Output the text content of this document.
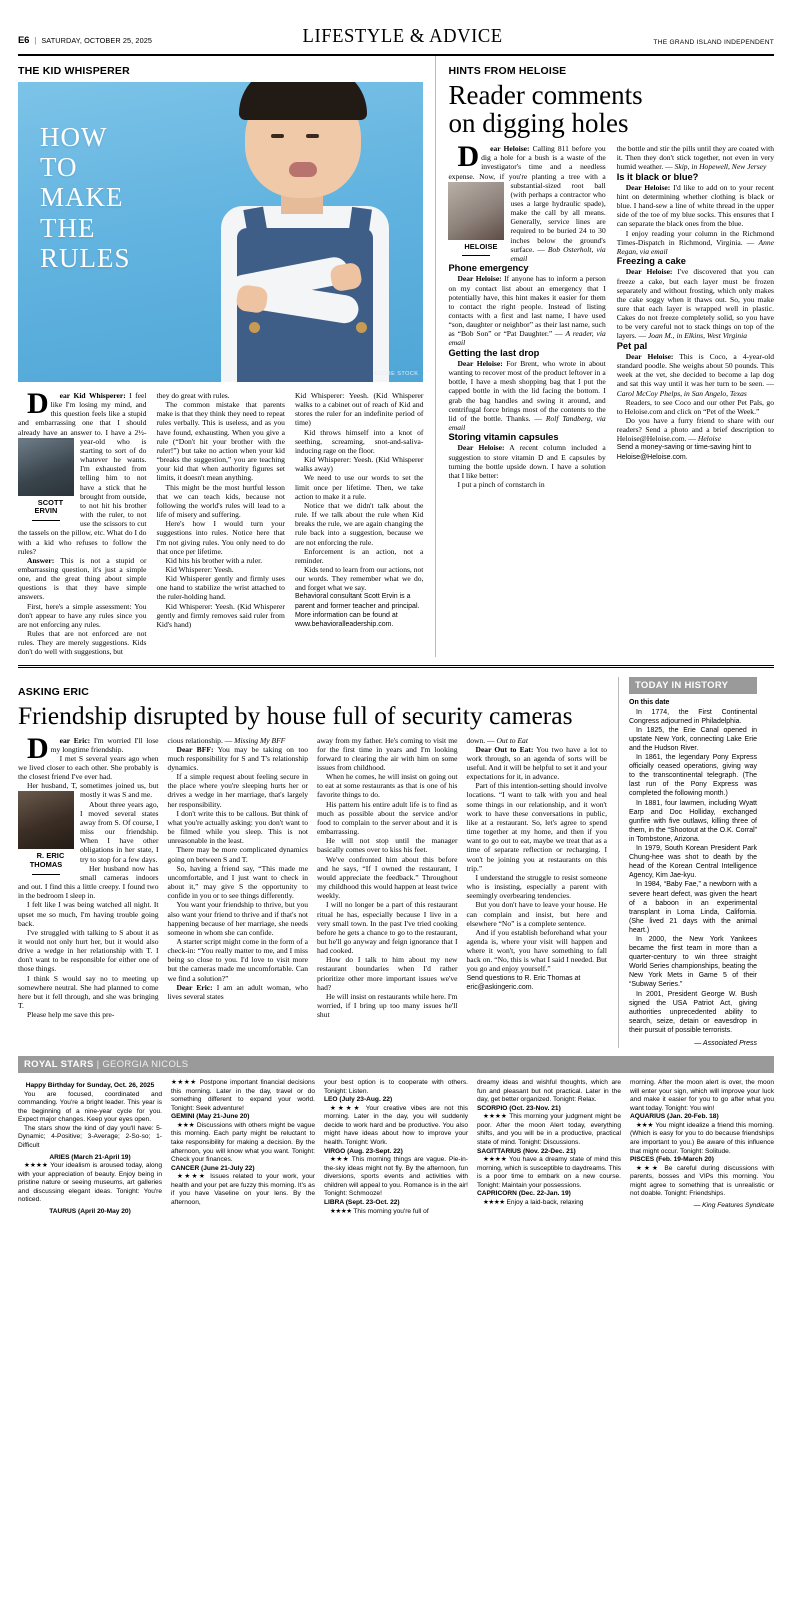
E6 | SATURDAY, OCTOBER 25, 2025	LIFESTYLE & ADVICE	THE GRAND ISLAND INDEPENDENT
THE KID WHISPERER
HOW
TO
MAKE
THE
RULES
ADOBE STOCK

Dear Kid Whisperer: I feel like I'm losing my mind, and this question feels like a stupid and embarrassing one that I should already have an answer to. I have a 2½
SCOTT
ERVIN
-year-old who is starting to sort of do whatever he wants. I'm exhausted from telling him to not have a stick that he brought from outside, to not hit his brother with the ruler, to not use the scissors to cut the tassels on the pillow, etc. What do I do with a kid who refuses to follow the rules?

Answer: This is not a stupid or embarrassing question, it's just a simple one, and the great thing about simple questions is that they have simple answers.

First, here's a simple assessment: You don't appear to have any rules since you are not enforcing any rules.

Rules that are not enforced are not rules. They are merely suggestions. Kids don't do well with suggestions, but

they do great with rules.

The common mistake that parents make is that they think they need to repeat rules verbally. This is useless, and as you have found, exhausting. When you give a rule (“Don't hit your brother with the ruler!”) but take no action when your kid “breaks the suggestion,” you are teaching your kid that when authority figures set limits, it doesn't mean anything.

This might be the most hurtful lesson that we can teach kids, because not following the world's rules will lead to a life of misery and suffering.

Here's how I would turn your suggestions into rules. Notice here that I'm not giving rules. You only need to do that once per lifetime.

Kid hits his brother with a ruler.

Kid Whisperer: Yeesh.

Kid Whisperer gently and firmly uses one hand to stabilize the wrist attached to the ruler-holding hand.

Kid Whisperer: Yeesh. (Kid Whisperer gently and firmly removes said ruler from Kid's hand)

Kid Whisperer: Yeesh. (Kid Whisperer walks to a cabinet out of reach of Kid and stores the ruler for an indefinite period of time)

Kid throws himself into a knot of seething, screaming, snot-and-saliva-inducing rage on the floor.

Kid Whisperer: Yeesh. (Kid Whisperer walks away)

We need to use our words to set the limit once per lifetime. Then, we take action to make it a rule.

Notice that we didn't talk about the rule. If we talk about the rule when Kid breaks the rule, we are again changing the rule back into a suggestion, because we are not enforcing the rule.

Enforcement is an action, not a reminder.

Kids tend to learn from our actions, not our words. They remember what we do, and forget what we say.

Behavioral consultant Scott Ervin is a parent and former teacher and principal. More information can be found at www.behavioralleadership.com.

HINTS FROM HELOISE
Reader comments
on digging holes

Dear Heloise: Calling 811 before you dig a hole for a bush is a waste of the investigator's time and a needless expense. Now, if you're planting a tree with a substantial-sized
HELOISE
root ball (with perhaps a contractor who uses a large hydraulic spade), make the call by all means. Generally, service lines are required to be buried 24 to 30 inches below the ground's surface. — Bob Osterholt, via email

Phone emergency

Dear Heloise: If anyone has to inform a person on my contact list about an emergency that I potentially have, this hint makes it easier for them to contact the right people. Instead of listing contacts with a first and last name, I have used “son, daughter or neighbor” as their last name, such as “Bob Son” or “Pat Daughter.” — A reader, via email

Getting the last drop

Dear Heloise: For Brent, who wrote in about wanting to recover most of the product leftover in a bottle, I have a mesh shopping bag that I put the capped bottle in with the lid facing the bottom. I grab the bag handles and swing it around, and centrifugal force brings most of the contents to the lid of the bottle. Thanks. — Rolf Tandberg, via email

Storing vitamin capsules

Dear Heloise: A recent column included a suggestion to store vitamin D and E capsules by turning the bottle upside down. I have a solution that I like better:

I put a pinch of cornstarch in

the bottle and stir the pills until they are coated with it. Then they don't stick together, not even in very humid weather. — Skip, in Hopewell, New Jersey

Is it black or blue?

Dear Heloise: I'd like to add on to your recent hint on determining whether clothing is black or blue. I hand-sew a line of white thread in the upper side of the toe of my blue socks. This ensures that I can separate the black ones from the blue.

I enjoy reading your column in the Richmond Times-Dispatch in Richmond, Virginia. — Anne Regan, via email

Freezing a cake

Dear Heloise: I've discovered that you can freeze a cake, but each layer must be frozen separately and without frosting, which only makes the cake soggy when it thaws out. So, you make sure that each layer is wrapped well in plastic. Cakes do not freeze completely solid, so you have to be very careful not to stack things on top of the layers. — Joan M., in Elkins, West Virginia

Pet pal

Dear Heloise: This is Coco, a 4-year-old standard poodle. She weighs about 50 pounds. This week at the vet, she decided to become a lap dog and sat this way until it was her turn to be seen. — Carol McCoy Phelps, in San Angelo, Texas

Readers, to see Coco and our other Pet Pals, go to Heloise.com and click on “Pet of the Week.”

Do you have a furry friend to share with our readers? Send a photo and a brief description to Heloise@Heloise.com. — Heloise

Send a money-saving or time-saving hint to Heloise@Heloise.com.

ASKING ERIC
Friendship disrupted by house full of security cameras

Dear Eric: I'm worried I'll lose my longtime friendship.

I met S several years ago when we lived closer to each other. She probably is the closest friend I've ever had.

Her husband, T, sometimes
R. ERIC
THOMAS
joined us, but mostly it was S and me.

About three years ago, I moved several states away from S. Of course, I miss our friendship. When I have other obligations in her state, I try to stop for a few days.

Her husband now has small cameras indoors and out. I find this a little creepy. I found two in the bedroom I sleep in.

I felt like I was being watched all night. It upset me so much, I'm having trouble going back.

I've struggled with talking to S about it as it would not only hurt her, but it would also drive a wedge in her relationship with T. I don't want to be responsible for either one of those things.

I think S would say no to meeting up somewhere neutral. She had planned to come here but it fell through, and she was bringing T.

Please help me save this pre-

cious relationship. — Missing My BFF

Dear BFF: You may be taking on too much responsibility for S and T's relationship dynamics.

If a simple request about feeling secure in the place where you're sleeping hurts her or drives a wedge in her marriage, that's largely her responsibility.

I don't write this to be callous. But think of what you're actually asking: you don't want to be filmed while you sleep. This is not unreasonable in the least.

There may be more complicated dynamics going on between S and T.

So, having a friend say, “This made me uncomfortable, and I just want to check in about it,” may give S the opportunity to confide in you or to see things differently.

You want your friendship to thrive, but you also want your friend to thrive and if that's not happening because of her marriage, she needs someone in whom she can confide.

A starter script might come in the form of a check-in: “You really matter to me, and I miss being so close to you. I'd love to visit more but the cameras made me uncomfortable. Can we find a solution?”

Dear Eric: I am an adult woman, who lives several states

away from my father. He's coming to visit me for the first time in years and I'm looking forward to clearing the air with him on some issues from childhood.

When he comes, he will insist on going out to eat at some restaurants as that is one of his favorite things to do.

His pattern his entire adult life is to find as much as possible about the service and/or food to complain to the server about and it is embarrassing.

He will not stop until the manager basically comes over to kiss his feet.

We've confronted him about this before and he says, “If I owned the restaurant, I would appreciate the feedback.” Throughout my childhood this would happen at least twice weekly.

I will no longer be a part of this restaurant ritual he has, especially because I live in a very small town. In the past I've tried cooking before he gets a chance to go to the restaurant, but he'll go anyway and feign ignorance that I had cooked.

How do I talk to him about my new restaurant boundaries when I'd rather prioritize other more important issues we've had?

He will insist on restaurants while here. I'm worried, if I bring up too many issues he'll shut

down. — Out to Eat

Dear Out to Eat: You two have a lot to work through, so an agenda of sorts will be useful. And it will be helpful to set it and your expectations for it, in advance.

Part of this intention-setting should involve locations. “I want to talk with you and heal some things in our relationship, and it won't work to have these conversations in public, like at a restaurant. So, let's agree to spend time together at my home, and then if you want to go out to eat, maybe we treat that as a time of separate reflection or recharging. I won't be joining you at restaurants on this trip.”

I understand the struggle to resist someone who is insisting, especially a parent with seemingly overbearing tendencies.

But you don't have to leave your house. He can complain and insist, but here and elsewhere “No” is a complete sentence.

And if you establish beforehand what your agenda is, where your visit will happen and where it won't, you have something to fall back on. “No, this is what I said I needed. But you go and enjoy yourself.”

Send questions to R. Eric Thomas at eric@askingeric.com.

TODAY IN HISTORY

On this date

In 1774, the First Continental Congress adjourned in Philadelphia.

In 1825, the Erie Canal opened in upstate New York, connecting Lake Erie and the Hudson River.

In 1861, the legendary Pony Express officially ceased operations, giving way to the transcontinental telegraph. (The last run of the Pony Express was completed the following month.)

In 1881, four lawmen, including Wyatt Earp and Doc Holliday, exchanged gunfire with five outlaws, killing three of them, in the “Shootout at the O.K. Corral” in Tombstone, Arizona.

In 1979, South Korean President Park Chung-hee was shot to death by the head of the Korean Central Intelligence Agency, Kim Jae-kyu.

In 1984, “Baby Fae,” a newborn with a severe heart defect, was given the heart of a baboon in an experimental transplant in Loma Linda, California. (She lived 21 days with the animal heart.)

In 2000, the New York Yankees became the first team in more than a quarter-century to win three straight World Series championships, beating the New York Mets in Game 5 of their “Subway Series.”

In 2001, President George W. Bush signed the USA Patriot Act, giving authorities unprecedented ability to search, seize, detain or eavesdrop in their pursuit of possible terrorists.

— Associated Press

ROYAL STARS | GEORGIA NICOLS

Happy Birthday for Sunday, Oct. 26, 2025

You are focused, coordinated and commanding. You're a bright leader. This year is the beginning of a nine-year cycle for you. Expect major changes. Keep your eyes open.

The stars show the kind of day you'll have: 5-Dynamic; 4-Positive; 3-Average; 2-So-so; 1-Difficult

ARIES (March 21-April 19)

★★★★ Your idealism is aroused today, along with your appreciation of beauty. Enjoy being in pristine nature or seeing museums, art galleries and discussing elegant ideas. Tonight: You're noticed.

TAURUS (April 20-May 20)

★★★★ Postpone important financial decisions this morning. Later in the day, travel or do something different to expand your world. Tonight: Seek adventure!

GEMINI (May 21-June 20)

★★★ Discussions with others might be vague this morning. Each party might be reluctant to take responsibility for making a decision. By the afternoon, you will know what you want. Tonight: Check your finances.

CANCER (June 21-July 22)

★★★★ Issues related to your work, your health and your pet are fuzzy this morning. It's as if you have Vaseline on your lens. By the afternoon,

your best option is to cooperate with others. Tonight: Listen.

LEO (July 23-Aug. 22)

★★★★ Your creative vibes are not this morning. Later in the day, you will suddenly decide to work hard and be productive. You also might have ideas about how to improve your health. Tonight: Work.

VIRGO (Aug. 23-Sept. 22)

★★★ This morning things are vague. Pie-in-the-sky ideas might not fly. By the afternoon, fun diversions, sports events and activities with children will appeal to you. Romance is in the air! Tonight: Schmooze!

LIBRA (Sept. 23-Oct. 22)

★★★★ This morning you're full of

dreamy ideas and wishful thoughts, which are fun and pleasant but not practical. Later in the day, get better organized. Tonight: Relax.

SCORPIO (Oct. 23-Nov. 21)

★★★★ This morning your judgment might be poor. After the moon Alert today, everything shifts, and you will be in a productive, practical state of mind. Tonight: Discussions.

SAGITTARIUS (Nov. 22-Dec. 21)

★★★★ You have a dreamy state of mind this morning, which is susceptible to daydreams. This is a poor time to embark on a new course. Tonight: Maintain your possessions.

CAPRICORN (Dec. 22-Jan. 19)

★★★★ Enjoy a laid-back, relaxing

morning. After the moon alert is over, the moon will enter your sign, which will improve your luck and make it easier for you to go after what you want today. Tonight: You win!

AQUARIUS (Jan. 20-Feb. 18)

★★★ You might idealize a friend this morning. (Which is easy for you to do because friendships are important to you.) Be aware of this influence that might occur. Tonight: Solitude.

PISCES (Feb. 19-March 20)

★★★ Be careful during discussions with parents, bosses and VIPs this morning. You might agree to something that is unrealistic or not doable. Tonight: Friendships.

— King Features Syndicate
